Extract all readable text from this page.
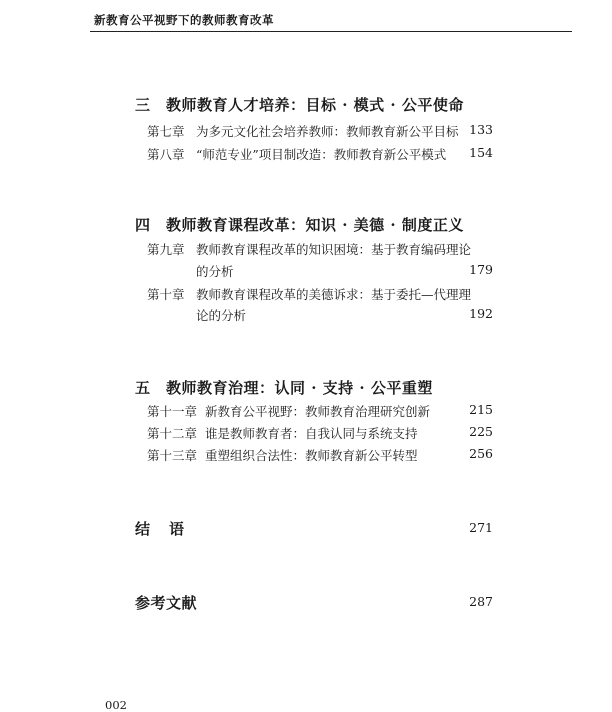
新教育公平视野下的教师教育改革
三　教师教育人才培养：目标 · 模式 · 公平使命
第七章 为多元文化社会培养教师：教师教育新公平目标 133
第八章 “师范专业”项目制改造：教师教育新公平模式 154
四　教师教育课程改革：知识 · 美德 · 制度正义
第九章 教师教育课程改革的知识困境：基于教育编码理论
的分析	179
第十章 教师教育课程改革的美德诉求：基于委托—代理理
论的分析	192
五　教师教育治理：认同 · 支持 · 公平重塑
第十一章 新教育公平视野：教师教育治理研究创新	215
第十二章 谁是教师教育者：自我认同与系统支持	225
第十三章 重塑组织合法性：教师教育新公平转型	256
结　语	271
参考文献	287
002
